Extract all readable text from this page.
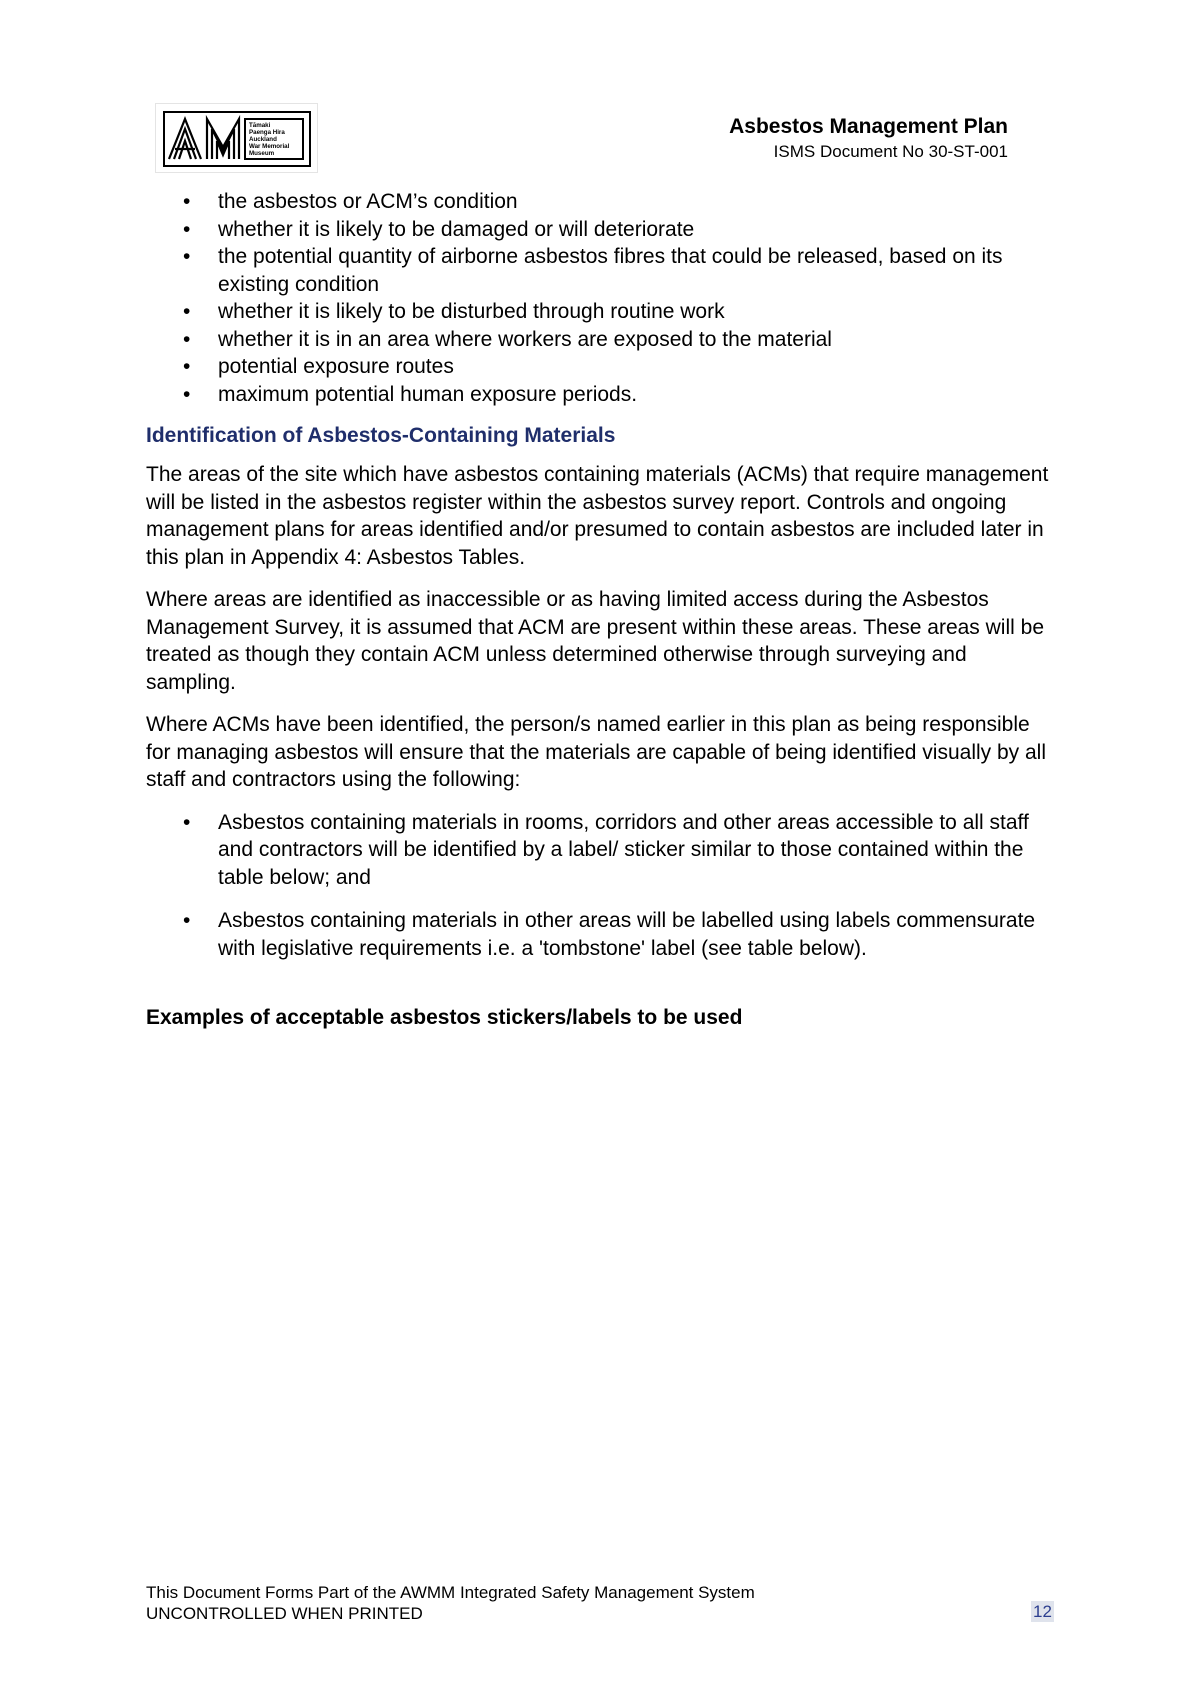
Tāmaki
Paenga Hira
Auckland
War Memorial
Museum
Asbestos Management Plan
ISMS Document No 30-ST-001
• the asbestos or ACM’s condition
• whether it is likely to be damaged or will deteriorate
• the potential quantity of airborne asbestos fibres that could be released, based on its existing condition
• whether it is likely to be disturbed through routine work
• whether it is in an area where workers are exposed to the material
• potential exposure routes
• maximum potential human exposure periods.
Identification of Asbestos-Containing Materials

The areas of the site which have asbestos containing materials (ACMs) that require management will be listed in the asbestos register within the asbestos survey report. Controls and ongoing management plans for areas identified and/or presumed to contain asbestos are included later in this plan in Appendix 4: Asbestos Tables.

Where areas are identified as inaccessible or as having limited access during the Asbestos Management Survey, it is assumed that ACM are present within these areas. These areas will be treated as though they contain ACM unless determined otherwise through surveying and sampling.

Where ACMs have been identified, the person/s named earlier in this plan as being responsible for managing asbestos will ensure that the materials are capable of being identified visually by all staff and contractors using the following:

• Asbestos containing materials in rooms, corridors and other areas accessible to all staff and contractors will be identified by a label/ sticker similar to those contained within the table below; and
• Asbestos containing materials in other areas will be labelled using labels commensurate with legislative requirements i.e. a 'tombstone' label (see table below).
Examples of acceptable asbestos stickers/labels to be used
This Document Forms Part of the AWMM Integrated Safety Management System
UNCONTROLLED WHEN PRINTED	12
